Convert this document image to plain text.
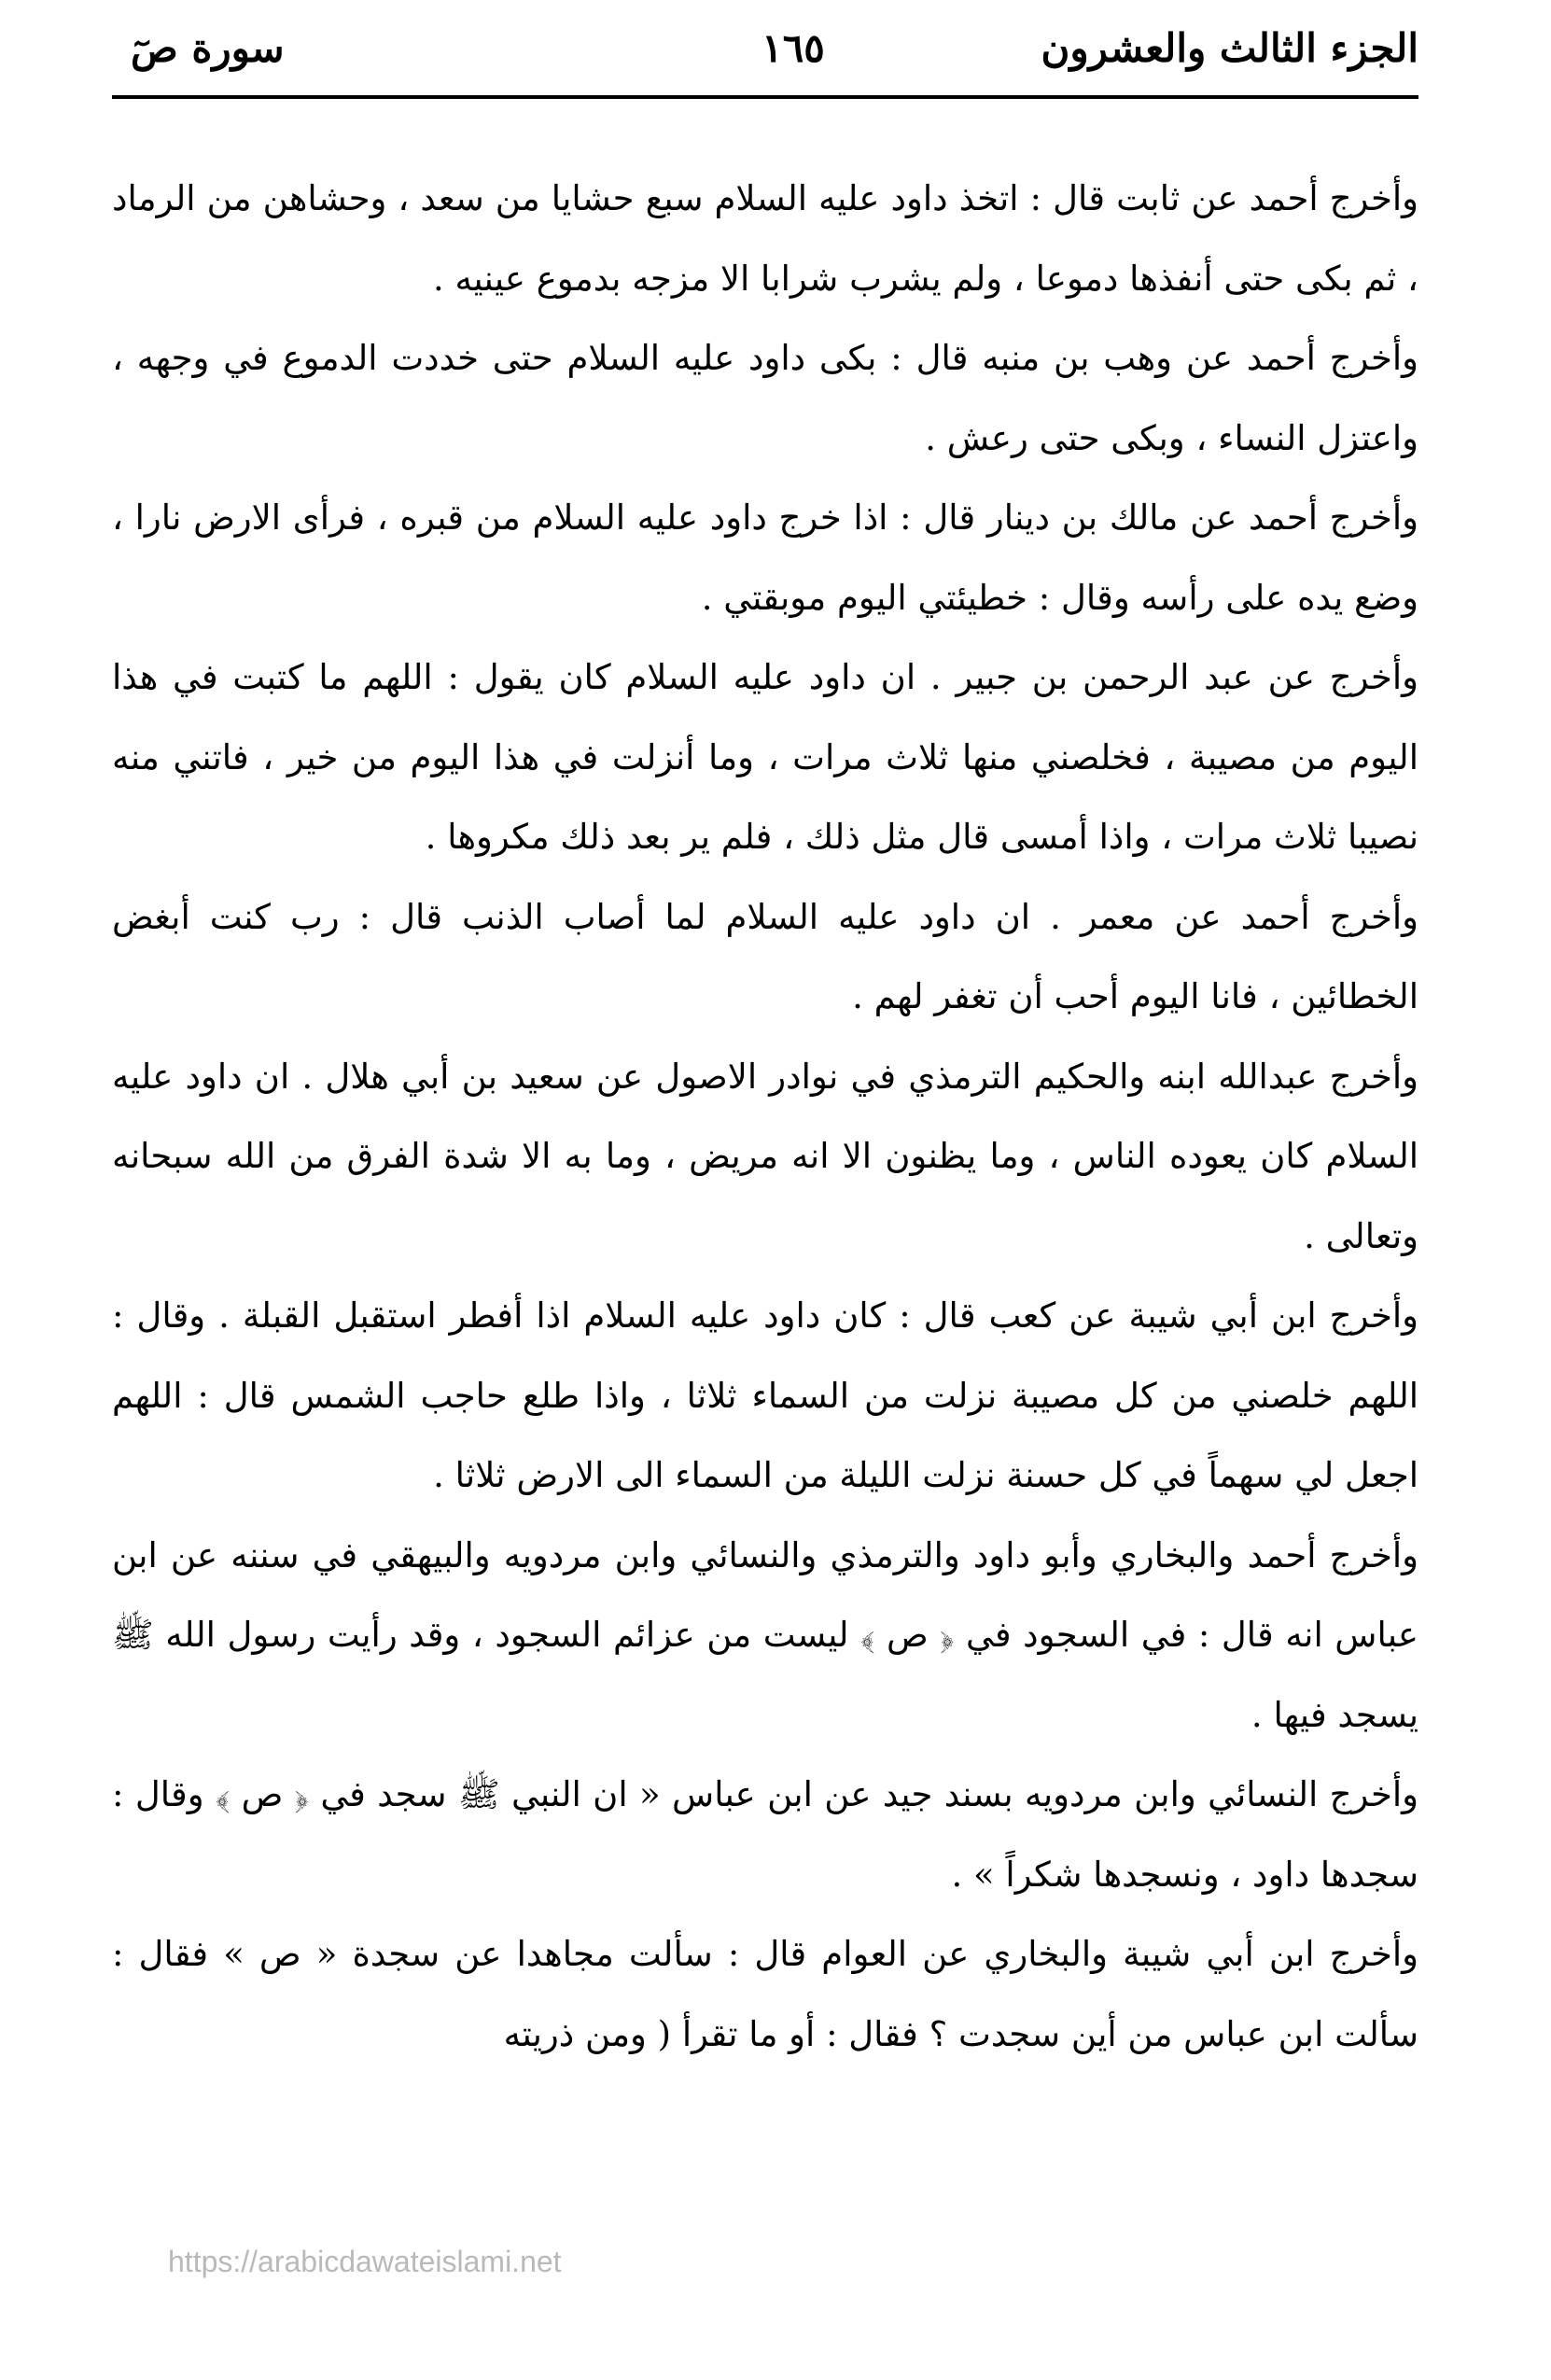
الجزء الثالث والعشرون
١٦٥
سورة صٓ

وأخرج أحمد عن ثابت قال : اتخذ داود عليه السلام سبع حشايا من سعد ، وحشاهن من الرماد ، ثم بكى حتى أنفذها دموعا ، ولم يشرب شرابا الا مزجه بدموع عينيه .

وأخرج أحمد عن وهب بن منبه قال : بكى داود عليه السلام حتى خددت الدموع في وجهه ، واعتزل النساء ، وبكى حتى رعش .

وأخرج أحمد عن مالك بن دينار قال : اذا خرج داود عليه السلام من قبره ، فرأى الارض نارا ، وضع يده على رأسه وقال : خطيئتي اليوم موبقتي .

وأخرج عن عبد الرحمن بن جبير . ان داود عليه السلام كان يقول : اللهم ما كتبت في هذا اليوم من مصيبة ، فخلصني منها ثلاث مرات ، وما أنزلت في هذا اليوم من خير ، فاتني منه نصيبا ثلاث مرات ، واذا أمسى قال مثل ذلك ، فلم ير بعد ذلك مكروها .

وأخرج أحمد عن معمر . ان داود عليه السلام لما أصاب الذنب قال : رب كنت أبغض الخطائين ، فانا اليوم أحب أن تغفر لهم .

وأخرج عبدالله ابنه والحكيم الترمذي في نوادر الاصول عن سعيد بن أبي هلال . ان داود عليه السلام كان يعوده الناس ، وما يظنون الا انه مريض ، وما به الا شدة الفرق من الله سبحانه وتعالى .

وأخرج ابن أبي شيبة عن كعب قال : كان داود عليه السلام اذا أفطر استقبل القبلة . وقال : اللهم خلصني من كل مصيبة نزلت من السماء ثلاثا ، واذا طلع حاجب الشمس قال : اللهم اجعل لي سهماً في كل حسنة نزلت الليلة من السماء الى الارض ثلاثا .

وأخرج أحمد والبخاري وأبو داود والترمذي والنسائي وابن مردويه والبيهقي في سننه عن ابن عباس انه قال : في السجود في ﴿ ص ﴾ ليست من عزائم السجود ، وقد رأيت رسول الله ﷺ يسجد فيها .

وأخرج النسائي وابن مردويه بسند جيد عن ابن عباس « ان النبي ﷺ سجد في ﴿ ص ﴾ وقال : سجدها داود ، ونسجدها شكراً » .

وأخرج ابن أبي شيبة والبخاري عن العوام قال : سألت مجاهدا عن سجدة « ص » فقال : سألت ابن عباس من أين سجدت ؟ فقال : أو ما تقرأ ( ومن ذريته

https://arabicdawateislami.net
